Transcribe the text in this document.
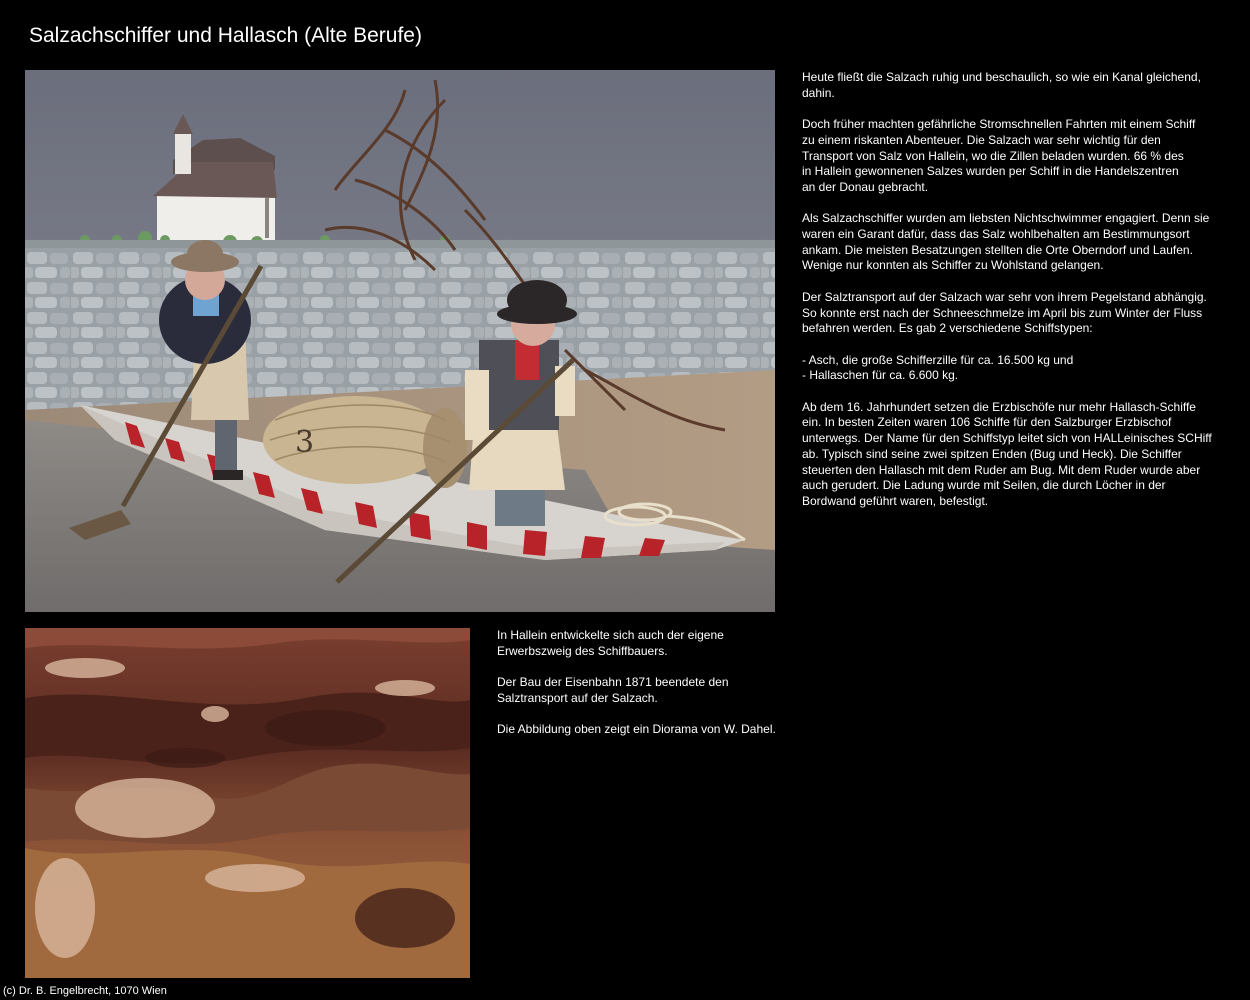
Salzachschiffer und Hallasch (Alte Berufe)
3

Heute fließt die Salzach ruhig und beschaulich, so wie ein Kanal gleichend,
dahin.

Doch früher machten gefährliche Stromschnellen Fahrten mit einem Schiff
zu einem riskanten Abenteuer. Die Salzach war sehr wichtig für den
Transport von Salz von Hallein, wo die Zillen beladen wurden. 66 % des
in Hallein gewonnenen Salzes wurden per Schiff in die Handelszentren
an der Donau gebracht.

Als Salzachschiffer wurden am liebsten Nichtschwimmer engagiert. Denn sie
waren ein Garant dafür, dass das Salz wohlbehalten am Bestimmungsort
ankam. Die meisten Besatzungen stellten die Orte Oberndorf und Laufen.
Wenige nur konnten als Schiffer zu Wohlstand gelangen.

Der Salztransport auf der Salzach war sehr von ihrem Pegelstand abhängig.
So konnte erst nach der Schneeschmelze im April bis zum Winter der Fluss
befahren werden. Es gab 2 verschiedene Schiffstypen:

- Asch, die große Schifferzille für ca. 16.500 kg und
- Hallaschen für ca. 6.600 kg.

Ab dem 16. Jahrhundert setzen die Erzbischöfe nur mehr Hallasch-Schiffe
ein. In besten Zeiten waren 106 Schiffe für den Salzburger Erzbischof
unterwegs. Der Name für den Schiffstyp leitet sich von HALLeinisches SCHiff
ab. Typisch sind seine zwei spitzen Enden (Bug und Heck). Die Schiffer
steuerten den Hallasch mit dem Ruder am Bug. Mit dem Ruder wurde aber
auch gerudert. Die Ladung wurde mit Seilen, die durch Löcher in der
Bordwand geführt waren, befestigt.

In Hallein entwickelte sich auch der eigene
Erwerbszweig des Schiffbauers.

Der Bau der Eisenbahn 1871 beendete den
Salztransport auf der Salzach.

Die Abbildung oben zeigt ein Diorama von W. Dahel.

(c) Dr. B. Engelbrecht, 1070 Wien
